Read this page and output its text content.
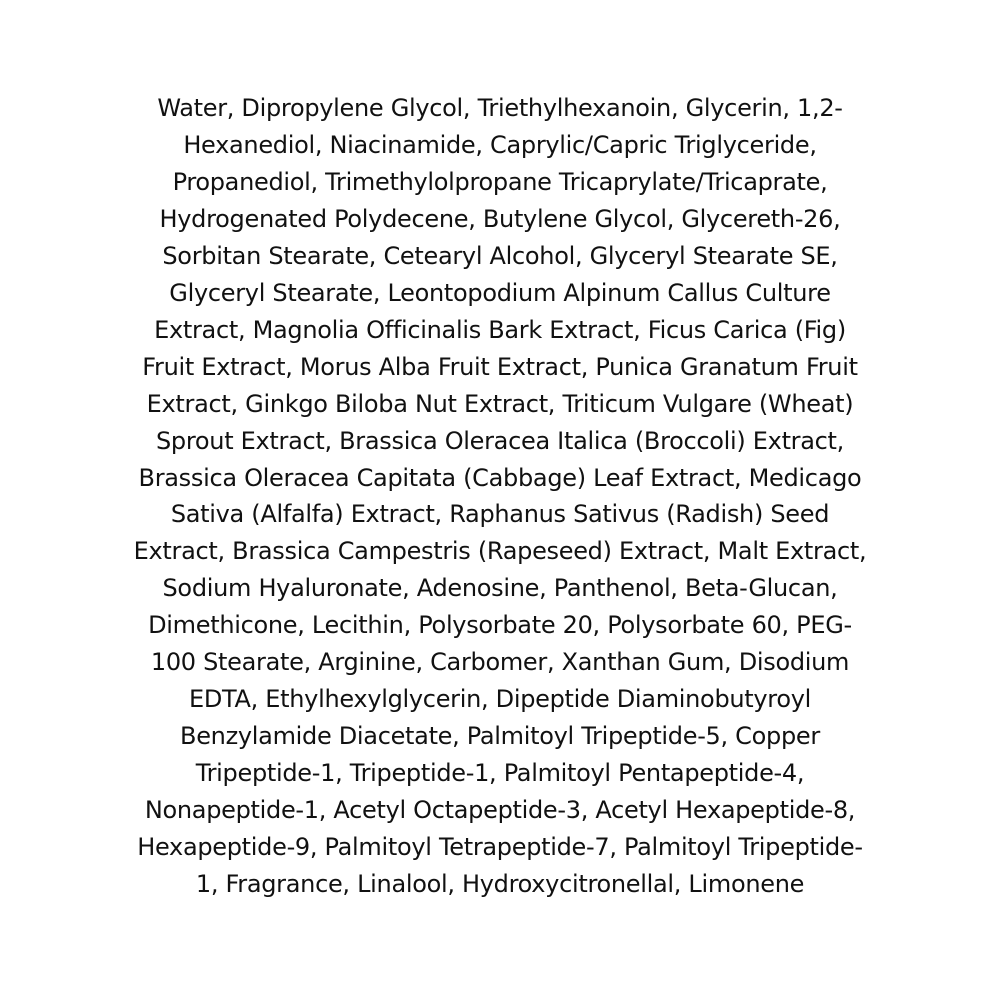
Water, Dipropylene Glycol, Triethylhexanoin, Glycerin, 1,2-
Hexanediol, Niacinamide, Caprylic/Capric Triglyceride,
Propanediol, Trimethylolpropane Tricaprylate/Tricaprate,
Hydrogenated Polydecene, Butylene Glycol, Glycereth-26,
Sorbitan Stearate, Cetearyl Alcohol, Glyceryl Stearate SE,
Glyceryl Stearate, Leontopodium Alpinum Callus Culture
Extract, Magnolia Officinalis Bark Extract, Ficus Carica (Fig)
Fruit Extract, Morus Alba Fruit Extract, Punica Granatum Fruit
Extract, Ginkgo Biloba Nut Extract, Triticum Vulgare (Wheat)
Sprout Extract, Brassica Oleracea Italica (Broccoli) Extract,
Brassica Oleracea Capitata (Cabbage) Leaf Extract, Medicago
Sativa (Alfalfa) Extract, Raphanus Sativus (Radish) Seed
Extract, Brassica Campestris (Rapeseed) Extract, Malt Extract,
Sodium Hyaluronate, Adenosine, Panthenol, Beta-Glucan,
Dimethicone, Lecithin, Polysorbate 20, Polysorbate 60, PEG-
100 Stearate, Arginine, Carbomer, Xanthan Gum, Disodium
EDTA, Ethylhexylglycerin, Dipeptide Diaminobutyroyl
Benzylamide Diacetate, Palmitoyl Tripeptide-5, Copper
Tripeptide-1, Tripeptide-1, Palmitoyl Pentapeptide-4,
Nonapeptide-1, Acetyl Octapeptide-3, Acetyl Hexapeptide-8,
Hexapeptide-9, Palmitoyl Tetrapeptide-7, Palmitoyl Tripeptide-
1, Fragrance, Linalool, Hydroxycitronellal, Limonene
